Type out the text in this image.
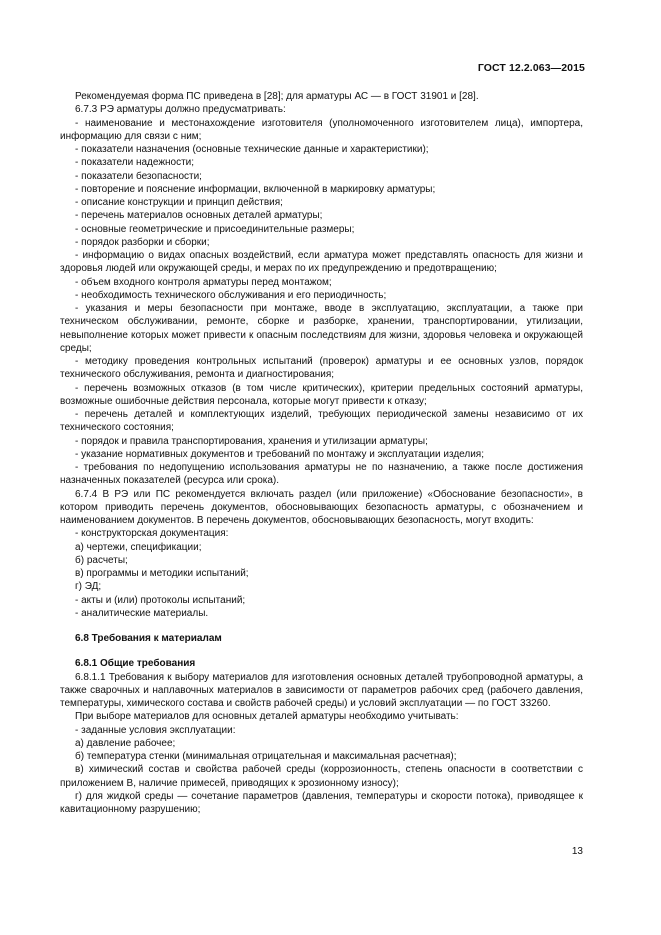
ГОСТ 12.2.063—2015

Рекомендуемая форма ПС приведена в [28]; для арматуры АС — в ГОСТ 31901 и [28].

6.7.3 РЭ арматуры должно предусматривать:

- наименование и местонахождение изготовителя (уполномоченного изготовителем лица), импортера, информацию для связи с ним;

- показатели назначения (основные технические данные и характеристики);

- показатели надежности;

- показатели безопасности;

- повторение и пояснение информации, включенной в маркировку арматуры;

- описание конструкции и принцип действия;

- перечень материалов основных деталей арматуры;

- основные геометрические и присоединительные размеры;

- порядок разборки и сборки;

- информацию о видах опасных воздействий, если арматура может представлять опасность для жизни и здоровья людей или окружающей среды, и мерах по их предупреждению и предотвращению;

- объем входного контроля арматуры перед монтажом;

- необходимость технического обслуживания и его периодичность;

- указания и меры безопасности при монтаже, вводе в эксплуатацию, эксплуатации, а также при техническом обслуживании, ремонте, сборке и разборке, хранении, транспортировании, утилизации, невыполнение которых может привести к опасным последствиям для жизни, здоровья человека и окружающей среды;

- методику проведения контрольных испытаний (проверок) арматуры и ее основных узлов, порядок технического обслуживания, ремонта и диагностирования;

- перечень возможных отказов (в том числе критических), критерии предельных состояний арматуры, возможные ошибочные действия персонала, которые могут привести к отказу;

- перечень деталей и комплектующих изделий, требующих периодической замены независимо от их технического состояния;

- порядок и правила транспортирования, хранения и утилизации арматуры;

- указание нормативных документов и требований по монтажу и эксплуатации изделия;

- требования по недопущению использования арматуры не по назначению, а также после достижения назначенных показателей (ресурса или срока).

6.7.4 В РЭ или ПС рекомендуется включать раздел (или приложение) «Обоснование безопасности», в котором приводить перечень документов, обосновывающих безопасность арматуры, с обозначением и наименованием документов. В перечень документов, обосновывающих безопасность, могут входить:

- конструкторская документация:

а) чертежи, спецификации;

б) расчеты;

в) программы и методики испытаний;

г) ЭД;

- акты и (или) протоколы испытаний;

- аналитические материалы.

6.8 Требования к материалам

6.8.1 Общие требования

6.8.1.1 Требования к выбору материалов для изготовления основных деталей трубопроводной арматуры, а также сварочных и наплавочных материалов в зависимости от параметров рабочих сред (рабочего давления, температуры, химического состава и свойств рабочей среды) и условий эксплуатации — по ГОСТ 33260.

При выборе материалов для основных деталей арматуры необходимо учитывать:

- заданные условия эксплуатации:

а) давление рабочее;

б) температура стенки (минимальная отрицательная и максимальная расчетная);

в) химический состав и свойства рабочей среды (коррозионность, степень опасности в соответствии с приложением В, наличие примесей, приводящих к эрозионному износу);

г) для жидкой среды — сочетание параметров (давления, температуры и скорости потока), приводящее к кавитационному разрушению;

13
